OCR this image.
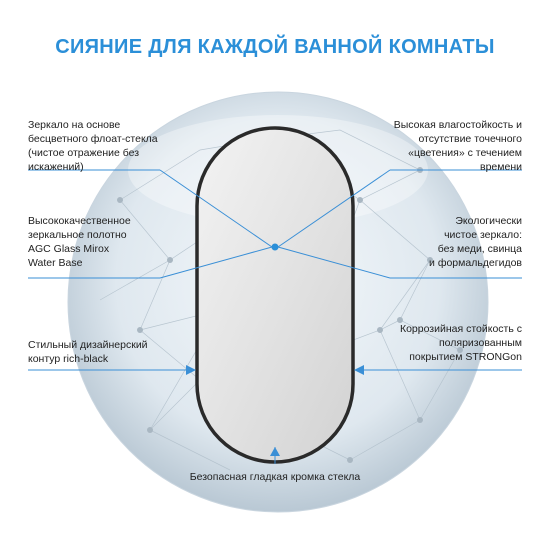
СИЯНИЕ ДЛЯ КАЖДОЙ ВАННОЙ КОМНАТЫ
Зеркало на основе
бесцветного флоат-стекла
(чистое отражение без
искажений)
Высококачественное
зеркальное полотно
AGC Glass Mirox
Water Base
Стильный дизайнерский
контур rich-black
Высокая влагостойкость и
отсутствие точечного
«цветения» с течением
времени
Экологически
чистое зеркало:
без меди, свинца
и формальдегидов
Коррозийная стойкость с
поляризованным
покрытием STRONGon
Безопасная гладкая кромка стекла
